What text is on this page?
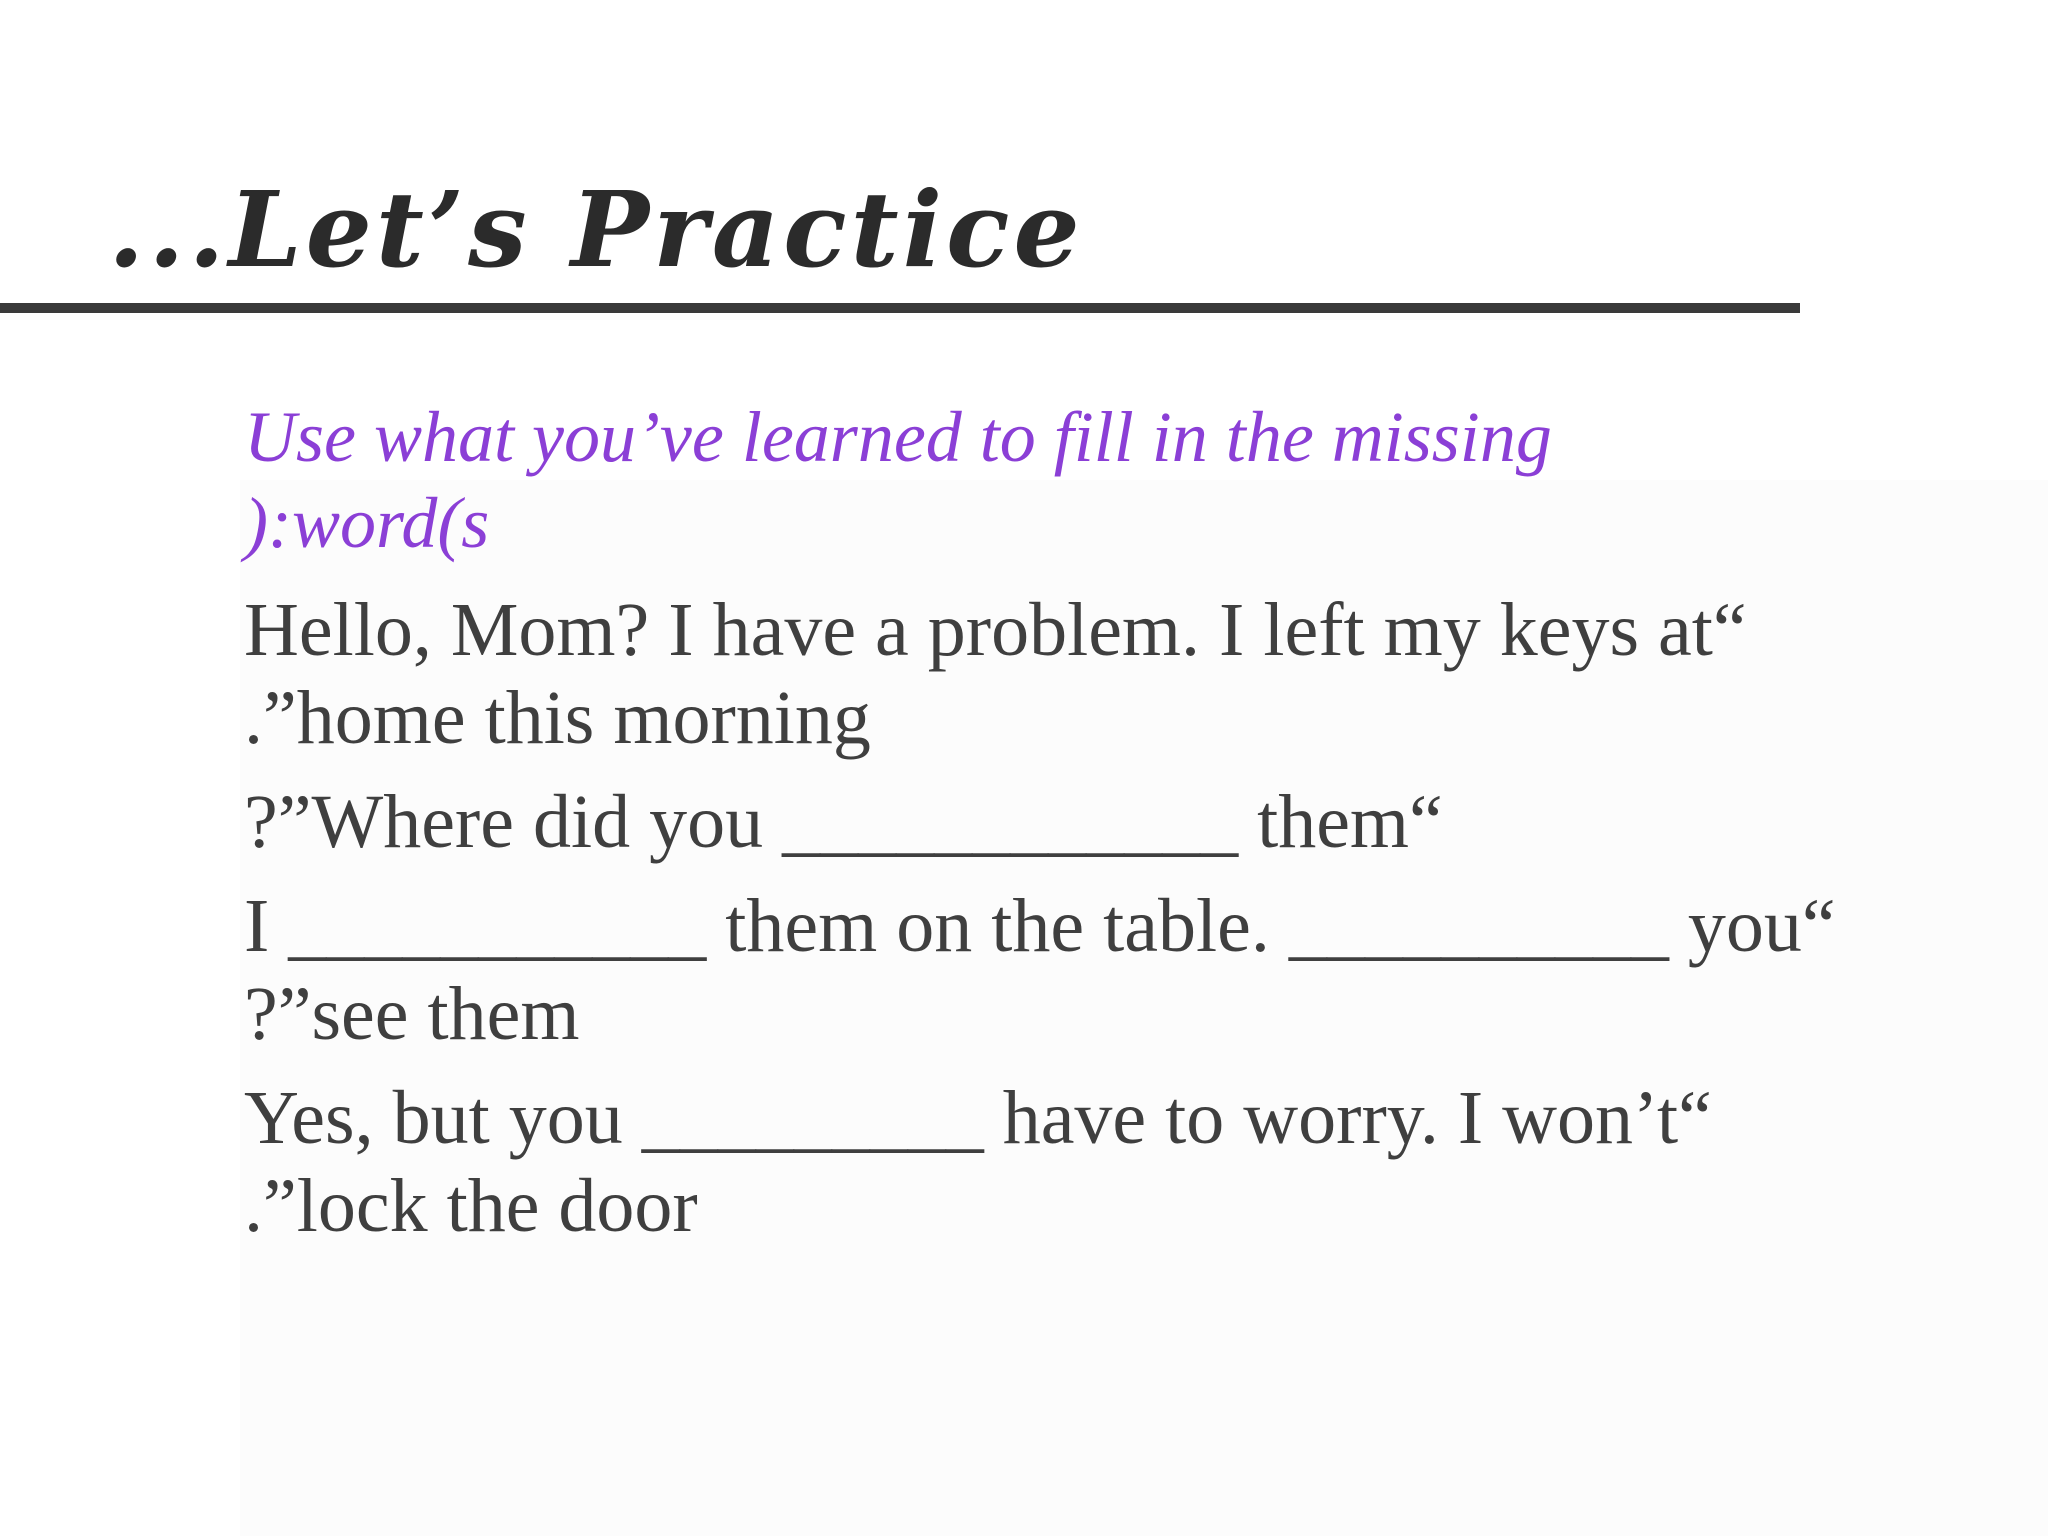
...Let’s Practice

Use what you’ve learned to fill in the missing
):word(s

Hello, Mom? I have a problem. I left my keys at“
.”home this morning

?”Where did you ____________ them“

I ___________ them on the table. __________ you“
?”see them

Yes, but you _________ have to worry. I won’t“
.”lock the door
